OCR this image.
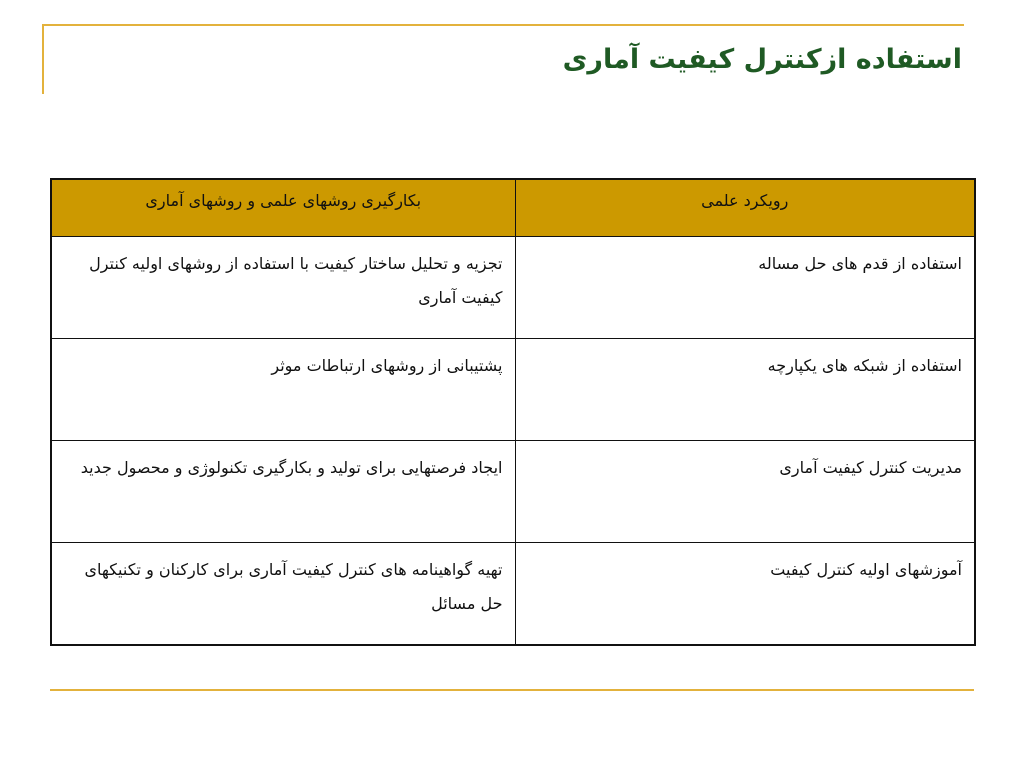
استفاده ازکنترل کیفیت آماری
رویکرد علمی	بکارگیری روشهای علمی و روشهای آماری
استفاده از قدم های حل مساله	تجزیه و تحلیل ساختار کیفیت با استفاده از روشهای اولیه کنترل کیفیت آماری
استفاده از شبکه های یکپارچه	پشتیبانی از روشهای ارتباطات موثر
مدیریت کنترل کیفیت آماری	ایجاد فرصتهایی برای تولید و بکارگیری تکنولوژی و محصول جدید
آموزشهای اولیه کنترل کیفیت	تهیه گواهینامه های کنترل کیفیت آماری برای کارکنان و تکنیکهای حل مسائل
